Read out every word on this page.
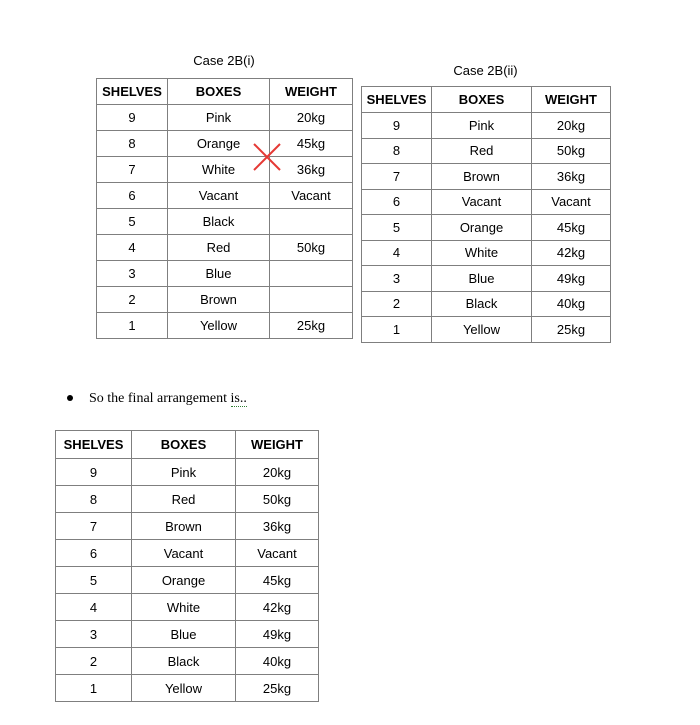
Case 2B(i)
SHELVES	BOXES	WEIGHT
9	Pink	20kg
8	Orange	45kg
7	White	36kg
6	Vacant	Vacant
5	Black	
4	Red	50kg
3	Blue	
2	Brown	
1	Yellow	25kg
Case 2B(ii)
SHELVES	BOXES	WEIGHT
9	Pink	20kg
8	Red	50kg
7	Brown	36kg
6	Vacant	Vacant
5	Orange	45kg
4	White	42kg
3	Blue	49kg
2	Black	40kg
1	Yellow	25kg
So the final arrangement is..
SHELVES	BOXES	WEIGHT
9	Pink	20kg
8	Red	50kg
7	Brown	36kg
6	Vacant	Vacant
5	Orange	45kg
4	White	42kg
3	Blue	49kg
2	Black	40kg
1	Yellow	25kg
